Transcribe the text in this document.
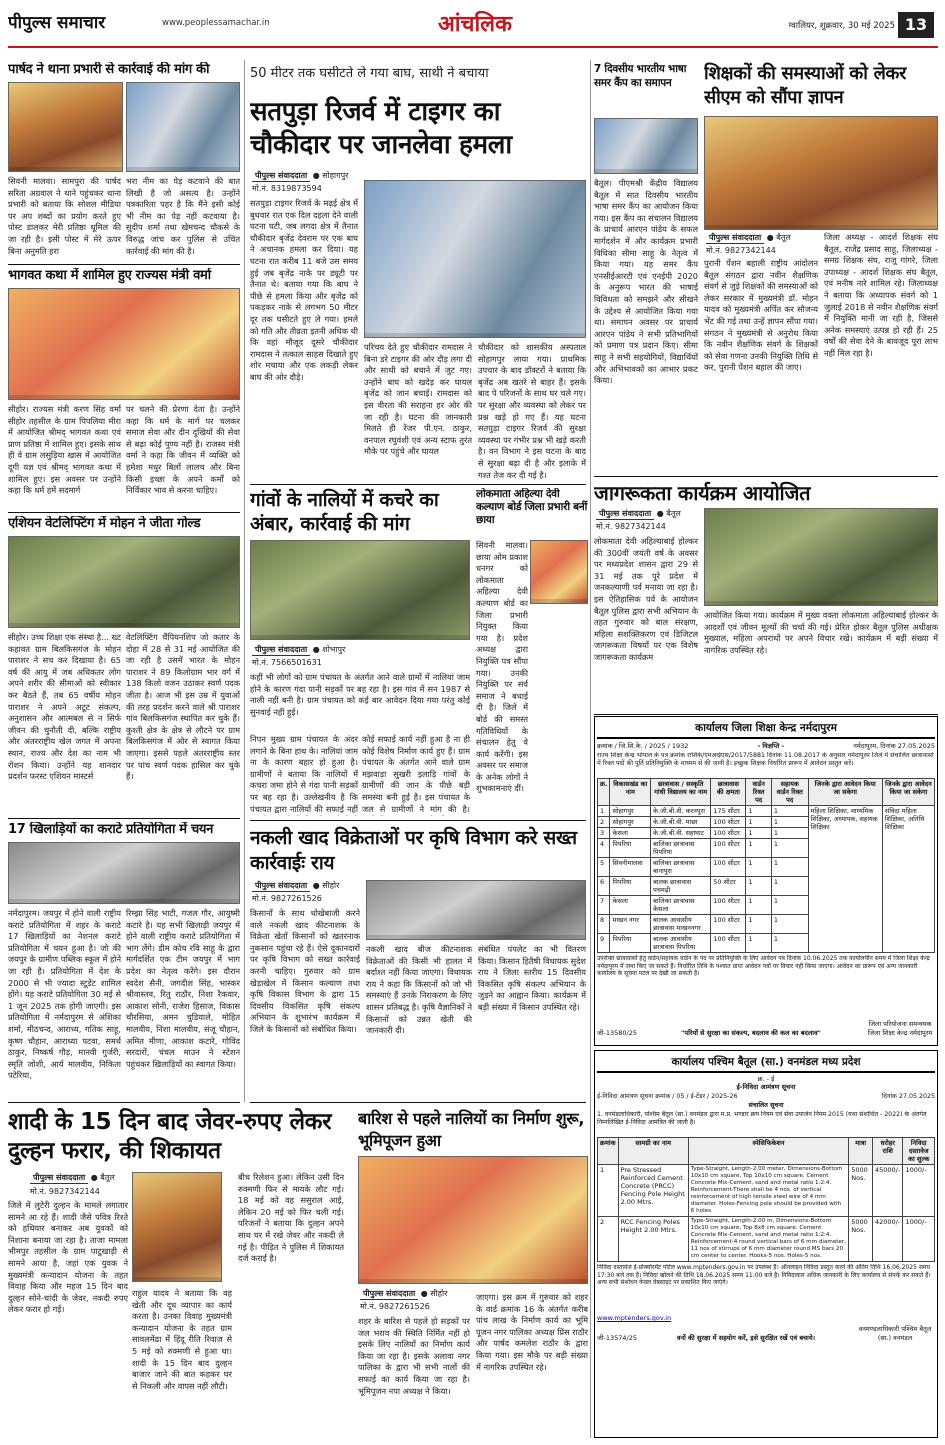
पीपुल्स समाचार	www.peoplessamachar.in	आंचलिक	ग्वालियर, शुक्रवार, 30 मई 2025 13
पार्षद ने थाना प्रभारी से कार्रवाई की मांग की
सिवनी मालवा। सामपुरा की पार्षद सरिता अग्रवाल ने थाने पहुंचकर थाना प्रभारी को बताया कि सोशल मीडिया पर अप शब्दों का प्रयोग करते हुए पोस्ट डालकर मेरी प्रतिष्ठा धूमिल की जा रही है। इसी पोस्ट में मेरे ऊपर बिना अनुमति हरा
भरा नीम का पेड़ कटवाने की बात लिखी है जो असत्य है। उन्होंने पत्रकारिता पहर है कि मैंने इसी कोई भी नीम का पेड़ नहीं कटवाया है। सुदीप शर्मा तथा खेमचन्द चौकसे के विरुद्ध जांच कर पुलिस से उचित कार्रवाई की मांग की है।
भागवत कथा में शामिल हुए राज्यस मंत्री वर्मा
सीहोर। राज्यस मंत्री करण सिंह वर्मा सीहोर तहसील के ग्राम पिपलिया मीरा में आयोजित श्रीमद् भागवत कथा एवं प्राण प्रतिष्ठा में शामिल हुए। इसके साथ ही वे ग्राम लसुड़िया खास में आयोजित दूगी यज्ञ एवं श्रीमद् भागवत कथा में शामिल हुए। इस अवसर पर उन्होंने कहा कि धर्म हमें सदमार्ग
पर चलने की प्रेरणा देता है। उन्होंने कहा कि धर्म के मार्ग पर चलकर समाज सेवा और दीन दुखियों की सेवा से बढ़ा कोई पुण्य नहीं है। राजस्व मंत्री वर्मा ने कहा कि जीवन में व्यक्ति को हमेशा मधुर बिलों लालच और बिना किसी इच्छा के अपने कर्मों को निर्विकार भाव से करना चाहिए।
एशियन वेटलिफ्टिंग में मोहन ने जीता गोल्ड
सीहोर। उच्च शिक्षा एक संस्था है... ख्ट कहावत ग्राम बिलकिसगंज के मोहन पाराशर ने सच कर दिखाया है। 65 वर्ष की आयु में जब अधिकतर लोग अपने शरीर की सीमाओं को स्वीकार कर बैठते हैं, तब 65 वर्षीय मोहन पाराशर ने अपने अटूट संकल्प, अनुशासन और आत्मबल से न सिर्फ जीवन की चुनौती दी, बल्कि राष्ट्रीय और अंतरराष्ट्रीय खेल जगत में अपना स्थान, राज्य और देश का नाम भी रोशन किया। उन्होंने यह शानदार प्रदर्शन फरस्ट एशियन मास्टर्स
वेटलिफ्टिंग चैंपियनशिप जो कतार के दोहा में 28 से 31 मई आयोजित की जा रही है उसमें भारत के मोहन पाराशर ने 89 किलोग्राम भार वर्ग में 138 किलो वजन उठाकर स्वर्ण पदक जीता है। आज भी इस उम्र में युवाओं की तरह प्रदर्शन करने वाले श्री पाराशर गांव बिलकिसगंज स्थापित कर चुके हैं। कुश्ती क्षेत्र के क्षेत्र से लौटने पर ग्राम बिलकिसगंज में ओर से स्वागत किया जाएगा। इससे पहले अंतरराष्ट्रीय स्तर पर पांच स्वर्ण पदक हासिल कर चुके हैं।
17 खिलाड़ियों का कराटे प्रतियोगिता में चयन
नर्मदापुरम। जयपुर में होने वाली राष्ट्रीय कराटे प्रतियोगिता में शहर के कराटे 17 खिलाड़ियों का नेशनल कराटे प्रतियोगिता में चयन हुआ है। जो की जयपुर के ग्रामीण पब्लिक स्कूल में होने जा रही है। प्रतियोगिता में देश के 2000 से भी ज्यादा स्टूडेंट शामिल होंगे। यह कराटे प्रतियोगिता 30 मई से 1 जून 2025 तक होगी जाएगी। इस प्रतियोगिता में नर्मदापुरम से अंशिका शर्मा, मीठचन्द, आराध्य, गतिक साहू, कृष्ण चौहान, आराध्या पटवा, समर्थ ठाकुर, निष्कर्ष गौड़, मानवी गुर्जरी, स्मृति जोशी, आर्य मालवीय, निकिता पटेरिया,
रिम्झा सिंह भाटी, गजल गौर, आयुष्मी कटारे है। यह सभी खिलाड़ी जयपुर में होने वाली राष्ट्रीय कराटे प्रतियोगिता में भाग लेंगे। डीम कोच रवि साहू के द्वारा मार्गदर्शित एक टीम जयपुर में भाग प्रदेश का नेतृत्व करेंगे। इस दौरान स्वदेश सैनी, जगदीश सिंह, भास्कर श्रीवास्तव, रितु राठौर, निशा रैकवार, आकाश सोनी, राजेश हिसाज, विकास चौरसिया, अमन चुडियाले, मोहित मालवीय, निशा मालवीय, संजू चौहान, अमित मीणा, आकाश कटारे, गोविंद सरदारों, चंचल माउन ने स्टेशन पहुंचकर खिलाड़ियों का स्वागत किया।
शादी के 15 दिन बाद जेवर-रुपए लेकर दुल्हन फरार, की शिकायत
पीपुल्स संवाददाता ● बैतूल
मो.नं. 9827342144
जिले में लुटेरी दुल्हन के मामले लगातार सामने आ रहे हैं। शादी जैसे पवित्र रिश्ते को हथियार बनाकर अब युवकों को निशाना बनाया जा रहा है। ताजा मामला भीमपुर तहसील के ग्राम पाटुखाड़ी से सामने आया है, जहां एक युवक ने मुख्यमंत्री कन्यादान योजना के तहत विवाह किया और महज 15 दिन बाद दुल्हन सोने-चांदी के जेवर, नकदी रुपए लेकर फरार हो गई।
राहुल यादव ने बताया कि वह खेती और दूध व्यापार का कार्य करता है। उनका विवाह मुख्यमंत्री कन्यादान योजना के तहत ग्राम सावलमेंढा में हिंदू रीति रिवाज से 5 मई को रुक्मणी से हुआ था। शादी के 15 दिन बाद दुल्हन बाजार जाने की बात कहकर घर से निकली और वापस नहीं लौटी।
बीच रिलेशन हुआ। लेकिन उसी दिन रुक्मणी फिर से मायके लौट गई। 18 मई को वह ससुराल आई, लेकिन 20 मई को फिर चली गई। परिजनों ने बताया कि दुल्हन अपने साथ घर में रखे जेवर और नकदी ले गई है। पीड़ित ने पुलिस में शिकायत दर्ज कराई है।
50 मीटर तक घसीटते ले गया बाघ, साथी ने बचाया
सतपुड़ा रिजर्व में टाइगर का चौकीदार पर जानलेवा हमला
पीपुल्स संवाददाता ● सोहागपुर
मो.नं. 8319873594
सतपुड़ा टाइगर रिजर्व के मढ़ई क्षेत्र में बुधवार रात एक दिल दहला देने वाली घटना घटी, जब लगदा क्षेत्र में तैनात चौकीदार बृजेंद्र देवराम पर एक बाघ ने अचानक हमला कर दिया। यह घटना रात करीब 11 बजे उस समय हुई जब बृजेंद्र नाके पर ड्यूटी पर तैनात थे। बताया गया कि बाघ ने पीछे से हमला किया और बृजेंद्र को पकड़कर नाके से लगभग 50 मीटर दूर तक घसीटते हुए ले गया। हमले को गति और तीव्रता इतनी अधिक थी कि वहां मौजूद दूसरे चौकीदार रामदास ने तत्काल साहस दिखाते हुए शोर मचाया और एक लकड़ी लेकर बाघ की ओर दौड़े।
परिचय देते हुए चौकीदार रामदास ने बिना डरे टाइगर की ओर दौड़ लगा दी और साथी को बचाने में जुट गए। उन्होंने बाघ को खदेड़ कर घायल बृजेंद्र को जान बचाई। रामदास को इस वीरता की सराहना हर ओर की जा रही है। घटना की जानकारी मिलते ही रेंजर पी.एन. ठाकुर, वनपाल रघुवंशी एवं अन्य स्टाफ तुरंत मौके पर पहुंचे और घायल
चौकीदार को शासकीय अस्पताल सोहागपुर लाया गया। प्राथमिक उपचार के बाद डॉक्टरों ने बताया कि बृजेंद्र अब खतरे से बाहर हैं। इसके बाद पे परिजनों के साथ घर चले गए। पर सुरक्षा और व्यवस्था को लेकर पर प्रश्न खड़े हो गए हैं। यह घटना सतपुड़ा टाइगर रिजर्व की सुरक्षा व्यवस्था पर गंभीर प्रश्न भी खड़े करती है। वन विभाग ने इस घटना के बाद से सुरक्षा बढ़ा दी है और इलाके में गश्त तेज कर दी गई है।
गांवों के नालियों में कचरे का अंबार, कार्रवाई की मांग
पीपुल्स संवाददाता ● शोभापुर
मो.नं. 7566501631
कहीं भी लोगों को ग्राम पंचायत के अंतर्गत आने वाले ग्रामों में नालियां जाम होने के कारण गंदा पानी सड़कों पर बह रहा है। इस गांव में सन 1987 से नाली नहीं बनी है। ग्राम पंचायत को कई बार आवेदन दिया गया परंतु कोई सुनवाई नहीं हुई।
निपन मुख्य ग्राम पंचायत के अंदर लगाने के बिना हाथ के। नालियां जाम ना के कारण बहार हो हुआ है। ग्रामीणों ने बताया कि नालियों में कचरा जमा होने से गंदा पानी सड़कों पर बह रहा है। उल्लेखनीय है कि पंचायत द्वारा नालियों की सफाई नहीं
कोई सफाई कार्य नहीं हुआ है ना ही कोई विशेष निर्माण कार्य हुए हैं। ग्राम पंचायत के अंतर्गत आने वाले ग्राम मझवाड़ा सुखरी इलाड़ि गांवों के ग्रामीणों की जान के पीछे बड़ी समस्या बनी हुई है। इस पंचायत के जल से ग्रामीणों ने मांग की है।
लोकमाता अहिल्या देवी कल्याण बोर्ड जिला प्रभारी बनीं छाया
सिवनी मालवा। छाया ओम प्रकाश धनगर को लोकमाता अहिल्या देवी कल्याण बोर्ड का जिला प्रभारी नियुक्त किया गया है। प्रदेश अध्यक्ष द्वारा नियुक्ति पत्र सौंपा गया। उनकी नियुक्ति पर सर्व समाज ने बधाई दी है। जिले में बोर्ड की समस्त गतिविधियों के संचालन हेतु वे कार्य करेंगी। इस अवसर पर समाज के अनेक लोगों ने शुभकामनाएं दीं।
नकली खाद विक्रेताओं पर कृषि विभाग करे सख्त कार्रवाईः राय
पीपुल्स संवाददाता ● सीहोर
मो.नं. 9827261526
किसानों के साथ धोखेबाजी करने वाले नकली खाद कीटनाशक के विक्रेता खेतों किसानों को खतरनाक नुकसान पहुंचा रहे हैं। ऐसे दुकानदारों पर कृषि विभाग को सख्त कार्रवाई करनी चाहिए। गुरुवार को ग्राम खेड़ाखेल में किसान कल्याण तथा कृषि विकास विभाग के द्वारा 15 दिवसीय विकसित कृषि संकल्प अभियान के शुभारंभ कार्यक्रम में जिले के किसानों को संबोधित किया।
नकली खाद बीज कीटनाशक विक्रेताओं की किसी भी हालत में बर्दाश्त नहीं किया जाएगा। विधायक राय ने कहा कि किसानों को जो भी समस्याएं हैं उनके निराकरण के लिए शासन प्रतिबद्ध है। कृषि वैज्ञानिकों ने किसानों को उन्नत खेती की जानकारी दी।
संबंधित पंपलेट का भी वितरण किया। किसान हितैषी विधायक सुदेश राय ने जिला स्तरीय 15 दिवसीय विकसित कृषि संकल्प अभियान के जुड़ने का आह्वान किया। कार्यक्रम में बड़ी संख्या में किसान उपस्थित रहे।
बारिश से पहले नालियों का निर्माण शुरू, भूमिपूजन हुआ
पीपुल्स संवाददाता ● सीहोर
मो.नं. 9827261526
शहर के बारिश से पहले हो सड़कों पर जल भराव की स्थिति निर्मित नहीं हो इसके लिए नालियों का निर्माण कार्य किया जा रहा है। इसके अलावा नगर पालिका के द्वारा भी सभी नालों की सफाई का कार्य किया जा रहा है। भूमिपूजन नपा अध्यक्ष ने किया।
जाएगा। इस क्रम में गुरुवार को शहर के वार्ड क्रमांक 16 के अंतर्गत करीब पांच लाख के निर्माण कार्य का भूमि पूजन नगर पालिका अध्यक्ष प्रिंस राठौर और पार्षद कमलेश राठौर के द्वारा किया गया। इस मौके पर बड़ी संख्या में नागरिक उपस्थित रहे।
7 दिवसीय भारतीय भाषा समर कैंप का समापन
बैतूल। पीएमश्री केंद्रीय विद्यालय बैतूल में सात दिवसीय भारतीय भाषा समर कैंप का आयोजन किया गया। इस कैंप का संचालन विद्यालय के प्राचार्य आरएन पांडेय के सफल मार्गदर्शन में और कार्यक्रम प्रभारी विधिका सीमा साहू के नेतृत्व में किया गया। यह समर कैंप एनसीईआरटी एवं एनईपी 2020 के अनुरूप भारत की भाषाई विविधता को समझने और सीखने के उद्देश्य से आयोजित किया गया था। समापन अवसर पर प्राचार्य आरएन पांडेय ने सभी प्रतिभागियों को प्रमाण पत्र प्रदान किए। सीमा साहू ने सभी सहयोगियों, विद्यार्थियों और अभिभावकों का आभार प्रकट किया।
शिक्षकों की समस्याओं को लेकर सीएम को सौंपा ज्ञापन
पीपुल्स संवाददाता ● बैतूल
मो.नं. 9827342144
पुरानी पेंशन बहाली राष्ट्रीय आंदोलन बैतूल संगठन द्वारा नवीन शैक्षणिक संवर्ग से जुड़े शिक्षकों की समस्याओं को लेकर सरकार में मुख्यमंत्री डॉ. मोहन यादव को मुख्यमंत्री अर्पित कर सौजन्य भेंट की गई तथा उन्हें ज्ञापन सौंपा गया। संगठन ने मुख्यमंत्री से अनुरोध किया कि नवीन शैक्षणिक संवर्ग के शिक्षकों को सेवा गणना उनकी नियुक्ति तिथि से कर, पुरानी पेंशन बहाल की जाए।
जिला अध्यक्ष - आदर्श शिक्षक संघ बैतूल, राजेंद्र प्रसाद साहू, जिलाध्यक्ष - समग्र शिक्षक संघ, राजू गांगरे, जिला उपाध्यक्ष - आदर्श शिक्षक संघ बैतूल, एवं मनीष नारे शामिल रहे। जिलाध्यक्ष ने बताया कि अध्यापक संवर्ग को 1 जुलाई 2018 से नवीन शैक्षणिक संवर्ग में नियुक्ति मानी जा रही है, जिससे अनेक समस्याएं उत्पन्न हो रही हैं। 25 वर्षों की सेवा देने के बावजूद पूरा लाभ नहीं मिल रहा है।
जागरूकता कार्यक्रम आयोजित
पीपुल्स संवाददाता ● बैतूल
मो.नं. 9827342144
लोकमाता देवी अहिल्याबाई होल्कर की 300वीं जयंती वर्ष के अवसर पर मध्यप्रदेश शासन द्वारा 29 से 31 मई तक पूरे प्रदेश में जनकल्याणी पर्व मनाया जा रहा है। इस ऐतिहासिक पर्व के आयोजन बैतूल पुलिस द्वारा सभी अभियान के तहत गुरुवार को बाल संरक्षण, महिला सशक्तिकरण एवं डिजिटल जागरूकता विषयों पर एक विशेष जागरूकता कार्यक्रम
आयोजित किया गया। कार्यक्रम में मुख्य वक्ता लोकमाता अहिल्याबाई होल्कर के आदर्शों एवं जीवन मूल्यों की चर्चा की गई। प्रेरित होकर बैतूल पुलिस अधीक्षक मुख्याल, महिला अपराधों पर अपने विचार रखे। कार्यक्रम में बड़ी संख्या में नागरिक उपस्थित रहे।
कार्यालय जिला शिक्षा केन्द्र नर्मदापुरम
क्रमांक / जि.शि.के. / 2025 / 1932	- विज्ञप्ति -	नर्मदापुरम, दिनांक 27.05.2025
राज्य शिक्षा केन्द्र भोपाल के पत्र क्रमांक राशिके/एमआईएस/2017/5881 दिनांक 11.08.2017 के अनुसार नर्मदापुरम जिले में संचालित छात्रावासों में रिक्त पदों की पूर्ति प्रतिनियुक्ति के माध्यम से की जानी है। इच्छुक शिक्षक निर्धारित प्रारूप में आवेदन प्रस्तुत करें।
क्र.	विकासखंड का नाम	छात्रावास / सस्कृति गांधी विद्यालय का नाम	छात्रावास की क्षमता	वार्डन रिक्त पद	सहायक वार्डन रिक्त पद	जिनके द्वारा आवेदन किया जा सकेगा	जिनके द्वारा आवेदन किया जा सकेगा
1	सोहागपुर	के.जी.बी.वी. करनपुरा	175 सीटर	1	1	महिला शिक्षिका, माध्यमिक शिक्षिका, अध्यापक, सहायक शिक्षिका	संविदा महिला शिक्षिका, अतिथि शिक्षिका
2	सोहागपुर	के.जी.बी.वी. माछा	100 सीटर	1	1		
3	केसला	के.जी.बी.वी. सहाघाट	100 सीटर	1	1		
4	पिपरिया	बालिका छात्रावास पिपरिया	100 सीटर	1	1		
5	सिवनीमालवा	बालिका छात्रावास बानापुरा	100 सीटर	1	1		
6	पिपरिया	बालक छात्रावास पचमढ़ी	50 सीटर	1	1		
7	केसला	बालिका छात्रावास केसला	100 सीटर	1	1		
8	माखन नगर	बालक आवासीय छात्रावास माखननगर	100 सीटर	1	1		
9	पिपरिया	बालक आवासीय छात्रावास पिपरिया	100 सीटर	1	1		
उपरोक्त छात्रावासों हेतु वार्डन/सहायक वार्डन के पद पर प्रतिनियुक्ति के लिए आवेदन पत्र दिनांक 10.06.2025 तक कार्यालयीन समय में जिला शिक्षा केन्द्र नर्मदापुरम में जमा किए जा सकते हैं। निर्धारित तिथि के पश्चात प्राप्त आवेदन पत्रों पर विचार नहीं किया जाएगा। आवेदन का प्रारूप एवं अन्य जानकारी कार्यालय के सूचना पटल पर देखी जा सकती है।
जी-13580/25	"परियों से सुरक्षा का संकल्प, बदलाव की कल का बदलाव"
जिला परियोजना समन्वयक जिला शिक्षा केन्द्र नर्मदापुरम
कार्यालय पश्चिम बैतूल (सा.) वनमंडल मध्य प्रदेश
क्र. - ई
ई-निविदा आमंत्रण सूचना
ई-निविदा आमंत्रण सूचना क्रमांक / 05 / ई-टेंडर / 2025-26	दिनांक 27.05.2025
संचालित सूचना
1. वनमंडलाधिकारी, पश्चिम बैतूल (सा.) वनमंडल द्वारा म.प्र. भण्डार क्रय नियम एवं सेवा उपार्जन नियम 2015 (यथा संशोधित - 2022) के अंतर्गत निम्नलिखित ई-निविदा आमंत्रित की जाती है।
क्रमांक	सामग्री का नाम	स्पेसिफिकेशन	मात्रा	धरोहर राशि	निविदा दस्तावेज का शुल्क
1	Pre Stressed Reinforced Cement Concrete (PRCC) Fencing Pole Height 2.00 Mtrs.	Type-Straight, Length-2.00 meter, Dimensions-Bottom 10x10 cm square, Top 10x10 cm square. Cement Concrete Mix-Cement, sand and metal ratio 1:2:4. Reinforcement-There shall be 4 nos. of vertical reinforcement of high tensile steel wire of 4 mm diameter. Holes-Fencing pole should be provided with 6 holes.	5000 Nos.	45000/-	1000/-
2	RCC Fencing Poles Height 2.00 Mtrs.	Type-Straight, Length-2.00 m, Dimensions-Bottom 10x10 cm square, Top 8x8 cm square. Cement Concrete Mix-Cement, sand and metal ratio 1:2:4. Reinforcement-4 round vertical bars of 6 mm diameter, 11 nos of stirrups of 6 mm diameter round MS bars 20 cm center to center. Hooks-5 nos. Holes-5 nos.	5000 Nos.	42000/-	1000/-
निविदा दस्तावेज ई-प्रोक्योरमेंट पोर्टल www.mptenders.gov.in पर उपलब्ध हैं। ऑनलाइन निविदा प्रस्तुत करने की अंतिम तिथि 16.06.2025 समय 17:30 बजे तक है। निविदा खोलने की तिथि 18.06.2025 समय 11:00 बजे है। निविदाकार अधिक जानकारी के लिए कार्यालय से संपर्क कर सकते हैं। अन्य सभी संशोधन केवल वेबसाइट पर प्रकाशित किए जाएंगे।
www.mptenders.gov.in
जी-13574/25	वनों की सुरक्षा में सहयोग करें, इसे सुरक्षित रखें एवं बचाये।
वनमण्डलाधिकारी पश्चिम बैतूल (सा.) वनमंडल
